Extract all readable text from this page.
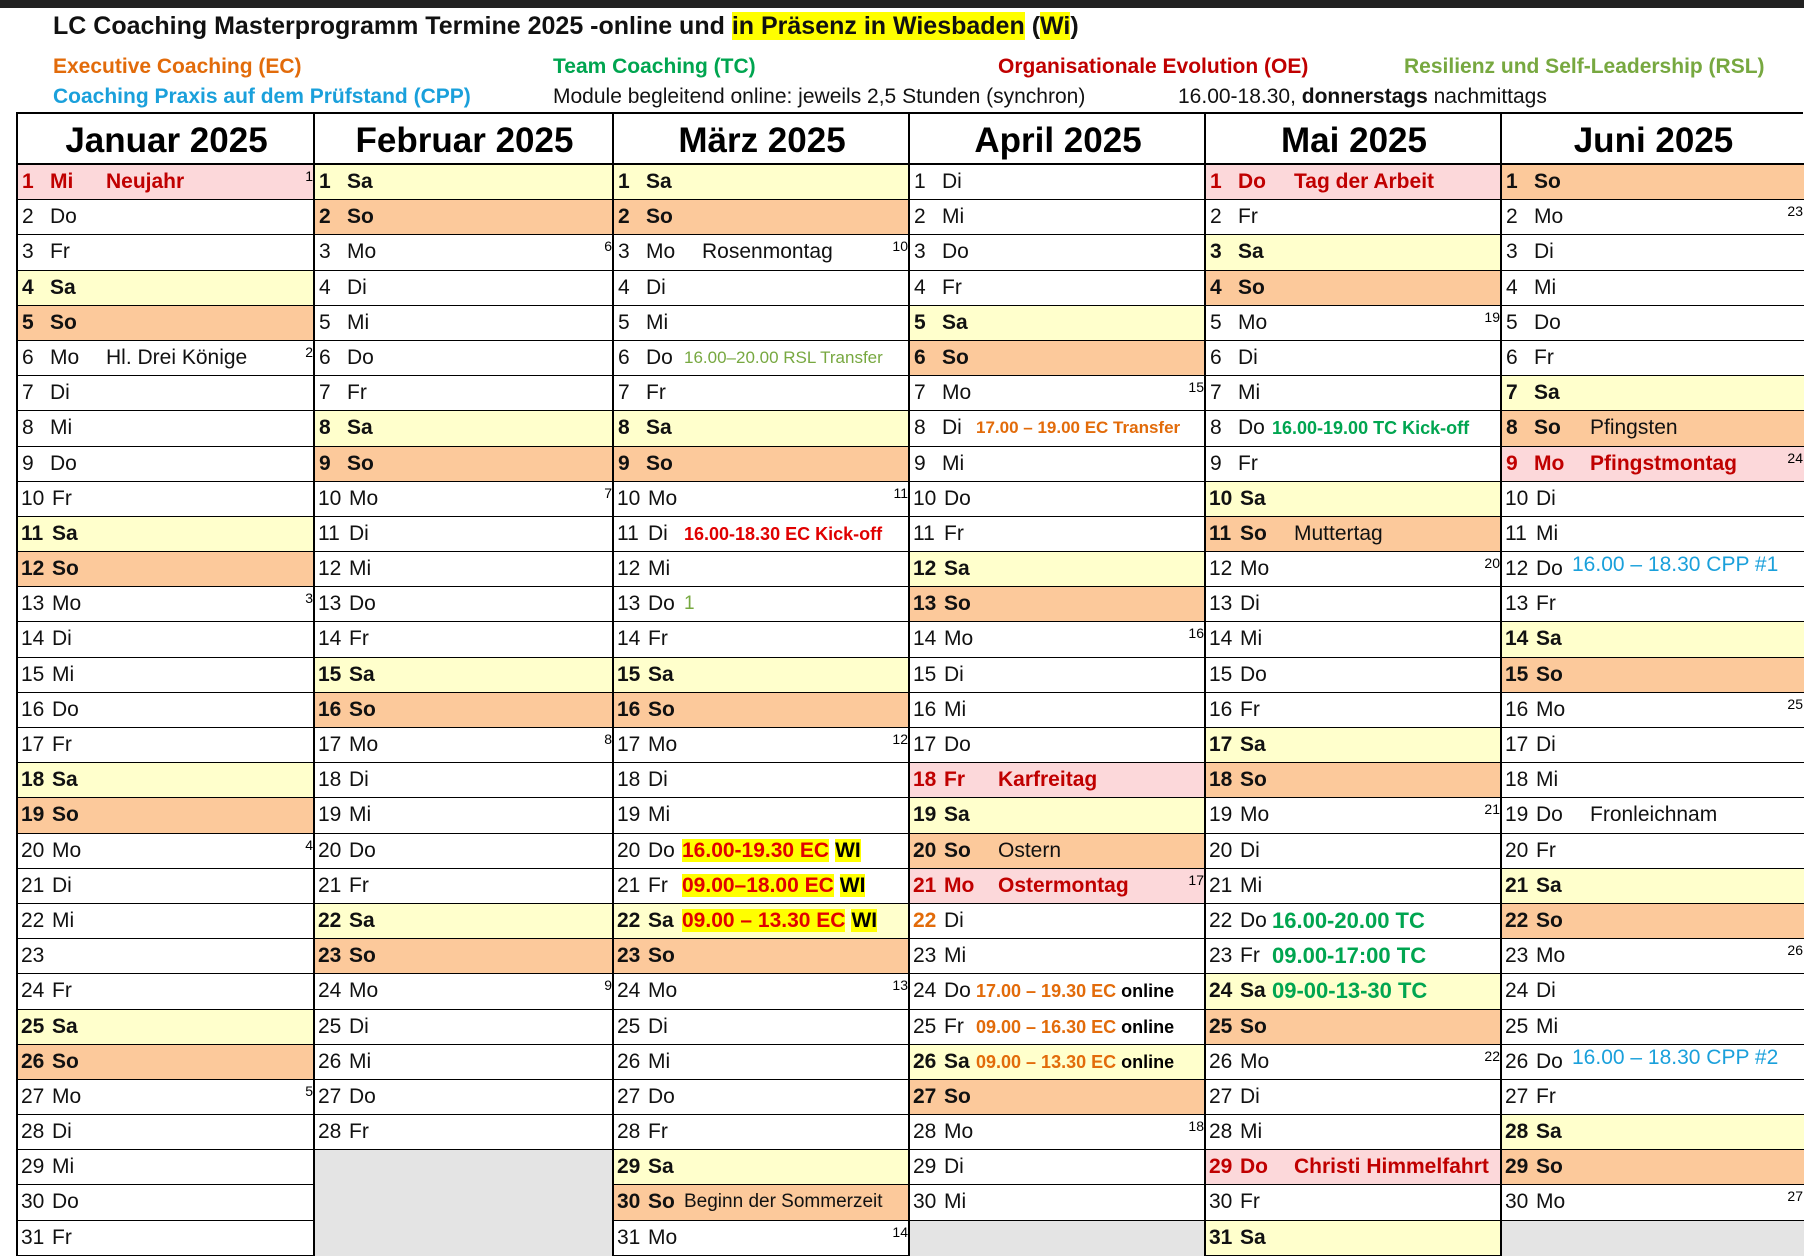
LC Coaching Masterprogramm Termine 2025 -online und in Präsenz in Wiesbaden (Wi)
Executive Coaching (EC)	Team Coaching (TC)	Organisationale Evolution (OE)	Resilienz und Self-Leadership (RSL)
Coaching Praxis auf dem Prüfstand (CPP)	Module begleitend online: jeweils 2,5 Stunden (synchron)	16.00-18.30, donnerstags nachmittags
Januar 2025
1 Mi Neujahr	1
2 Do
3 Fr
4 Sa
5 So
6 Mo Hl. Drei Könige	2
7 Di
8 Mi
9 Do
10 Fr
11 Sa
12 So
13 Mo	3
14 Di
15 Mi
16 Do
17 Fr
18 Sa
19 So
20 Mo	4
21 Di
22 Mi
23
24 Fr
25 Sa
26 So
27 Mo	5
28 Di
29 Mi
30 Do
31 Fr
Februar 2025
1 Sa
2 So
3 Mo	6
4 Di
5 Mi
6 Do
7 Fr
8 Sa
9 So
10 Mo	7
11 Di
12 Mi
13 Do
14 Fr
15 Sa
16 So
17 Mo	8
18 Di
19 Mi
20 Do
21 Fr
22 Sa
23 So
24 Mo	9
25 Di
26 Mi
27 Do
28 Fr
März 2025
1 Sa
2 So
3 Mo Rosenmontag	10
4 Di
5 Mi
6 Do 16.00–20.00 RSL Transfer
7 Fr
8 Sa
9 So
10 Mo	11
11 Di 16.00-18.30 EC Kick-off
12 Mi
13 Do 1
14 Fr
15 Sa
16 So
17 Mo	12
18 Di
19 Mi
20 Do 16.00-19.30 EC WI
21 Fr 09.00–18.00 EC WI
22 Sa 09.00 – 13.30 EC WI
23 So
24 Mo	13
25 Di
26 Mi
27 Do
28 Fr
29 Sa
30 So Beginn der Sommerzeit
31 Mo	14
April 2025
1 Di
2 Mi
3 Do
4 Fr
5 Sa
6 So
7 Mo	15
8 Di 17.00 – 19.00 EC Transfer
9 Mi
10 Do
11 Fr
12 Sa
13 So
14 Mo	16
15 Di
16 Mi
17 Do
18 Fr Karfreitag
19 Sa
20 So Ostern
21 Mo Ostermontag	17
22 Di
23 Mi
24 Do 17.00 – 19.30 EC online
25 Fr 09.00 – 16.30 EC online
26 Sa 09.00 – 13.30 EC online
27 So
28 Mo	18
29 Di
30 Mi
Mai 2025
1 Do Tag der Arbeit
2 Fr
3 Sa
4 So
5 Mo	19
6 Di
7 Mi
8 Do 16.00-19.00 TC Kick-off
9 Fr
10 Sa
11 So Muttertag
12 Mo	20
13 Di
14 Mi
15 Do
16 Fr
17 Sa
18 So
19 Mo	21
20 Di
21 Mi
22 Do 16.00-20.00 TC
23 Fr 09.00-17:00 TC
24 Sa 09-00-13-30 TC
25 So
26 Mo	22
27 Di
28 Mi
29 Do Christi Himmelfahrt
30 Fr
31 Sa
Juni 2025
1 So
2 Mo	23
3 Di
4 Mi
5 Do
6 Fr
7 Sa
8 So Pfingsten
9 Mo Pfingstmontag	24
10 Di
11 Mi
12 Do 16.00 – 18.30 CPP #1
13 Fr
14 Sa
15 So
16 Mo	25
17 Di
18 Mi
19 Do Fronleichnam
20 Fr
21 Sa
22 So
23 Mo	26
24 Di
25 Mi
26 Do 16.00 – 18.30 CPP #2
27 Fr
28 Sa
29 So
30 Mo	27
